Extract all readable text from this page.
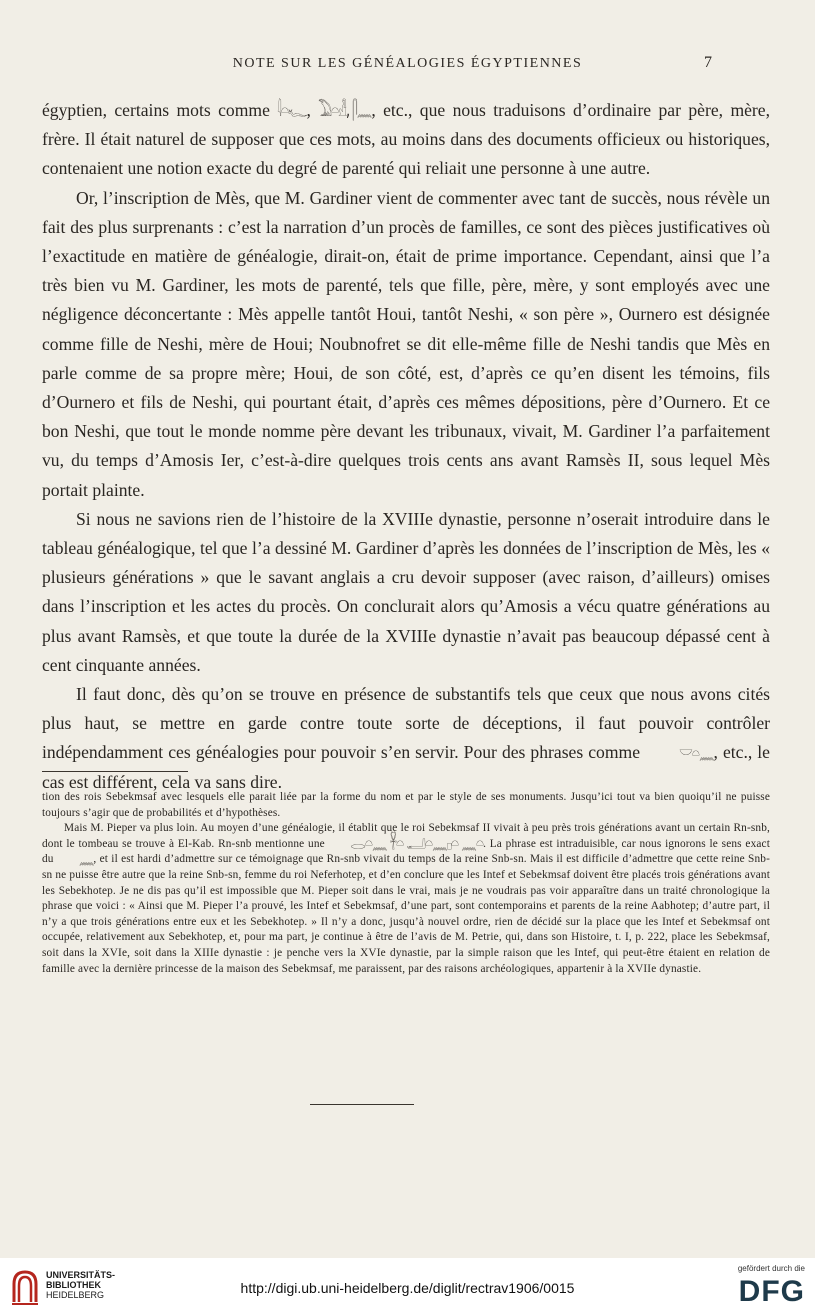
NOTE SUR LES GÉNÉALOGIES ÉGYPTIENNES	7

égyptien, certains mots comme 𓇋𓏏𓆑, 𓅐𓏏𓁐, 𓋴𓈖, etc., que nous traduisons d’ordinaire par père, mère, frère. Il était naturel de supposer que ces mots, au moins dans des documents officieux ou historiques, contenaient une notion exacte du degré de parenté qui reliait une personne à une autre.

Or, l’inscription de Mès, que M. Gardiner vient de commenter avec tant de succès, nous révèle un fait des plus surprenants : c’est la narration d’un procès de familles, ce sont des pièces justificatives où l’exactitude en matière de généalogie, dirait-on, était de prime importance. Cependant, ainsi que l’a très bien vu M. Gardiner, les mots de parenté, tels que fille, père, mère, y sont employés avec une négligence déconcertante : Mès appelle tantôt Houi, tantôt Neshi, « son père », Ournero est désignée comme fille de Neshi, mère de Houi; Noubnofret se dit elle-même fille de Neshi tandis que Mès en parle comme de sa propre mère; Houi, de son côté, est, d’après ce qu’en disent les témoins, fils d’Ournero et fils de Neshi, qui pourtant était, d’après ces mêmes dépositions, père d’Ournero. Et ce bon Neshi, que tout le monde nomme père devant les tribunaux, vivait, M. Gardiner l’a parfaitement vu, du temps d’Amosis Ier, c’est-à-dire quelques trois cents ans avant Ramsès II, sous lequel Mès portait plainte.

Si nous ne savions rien de l’histoire de la XVIIIe dynastie, personne n’oserait introduire dans le tableau généalogique, tel que l’a dessiné M. Gardiner d’après les données de l’inscription de Mès, les « plusieurs générations » que le savant anglais a cru devoir supposer (avec raison, d’ailleurs) omises dans l’inscription et les actes du procès. On conclurait alors qu’Amosis a vécu quatre générations au plus avant Ramsès, et que toute la durée de la XVIIIe dynastie n’avait pas beaucoup dépassé cent à cent cinquante années.

Il faut donc, dès qu’on se trouve en présence de substantifs tels que ceux que nous avons cités plus haut, se mettre en garde contre toute sorte de déceptions, il faut pouvoir contrôler indépendamment ces généalogies pour pouvoir s’en servir. Pour des phrases comme	𓎟𓏏𓈖, etc., le cas est différent, cela va sans dire.

tion des rois Sebekmsaf avec lesquels elle parait liée par la forme du nom et par le style de ses monuments. Jusqu’ici tout va bien quoiqu’il ne puisse toujours s’agir que de probabilités et d’hypothèses.

Mais M. Pieper va plus loin. Au moyen d’une généalogie, il établit que le roi Sebekmsaf II vivait à peu près trois générations avant un certain Rn-snb, dont le tombeau se trouve à El-Kab. Rn-snb mentionne une 𓂋𓏏𓈖 𓋹𓏏 𓂝𓏏𓈖𓊪𓏏 𓈖𓏏. La phrase est intraduisible, car nous ignorons le sens exact du 𓈖, et il est hardi d’admettre sur ce témoignage que Rn-snb vivait du temps de la reine Snb-sn. Mais il est difficile d’admettre que cette reine Snb-sn ne puisse être autre que la reine Snb-sn, femme du roi Neferhotep, et d’en conclure que les Intef et Sebekmsaf doivent être placés trois générations avant les Sebekhotep. Je ne dis pas qu’il est impossible que M. Pieper soit dans le vrai, mais je ne voudrais pas voir apparaître dans un traité chronologique la phrase que voici : « Ainsi que M. Pieper l’a prouvé, les Intef et Sebekmsaf, d’une part, sont contemporains et parents de la reine Aabhotep; d’autre part, il n’y a que trois générations entre eux et les Sebekhotep. » Il n’y a donc, jusqu’à nouvel ordre, rien de décidé sur la place que les Intef et Sebekmsaf ont occupée, relativement aux Sebekhotep, et, pour ma part, je continue à être de l’avis de M. Petrie, qui, dans son Histoire, t. I, p. 222, place les Sebekmsaf, soit dans la XVIe, soit dans la XIIIe dynastie : je penche vers la XVIe dynastie, par la simple raison que les Intef, qui peut-être étaient en relation de famille avec la dernière princesse de la maison des Sebekmsaf, me paraissent, par des raisons archéologiques, appartenir à la XVIIe dynastie.

UNIVERSITÄTS-
BIBLIOTHEK
HEIDELBERG	http://digi.ub.uni-heidelberg.de/diglit/rectrav1906/0015
gefördert durch die
DFG
